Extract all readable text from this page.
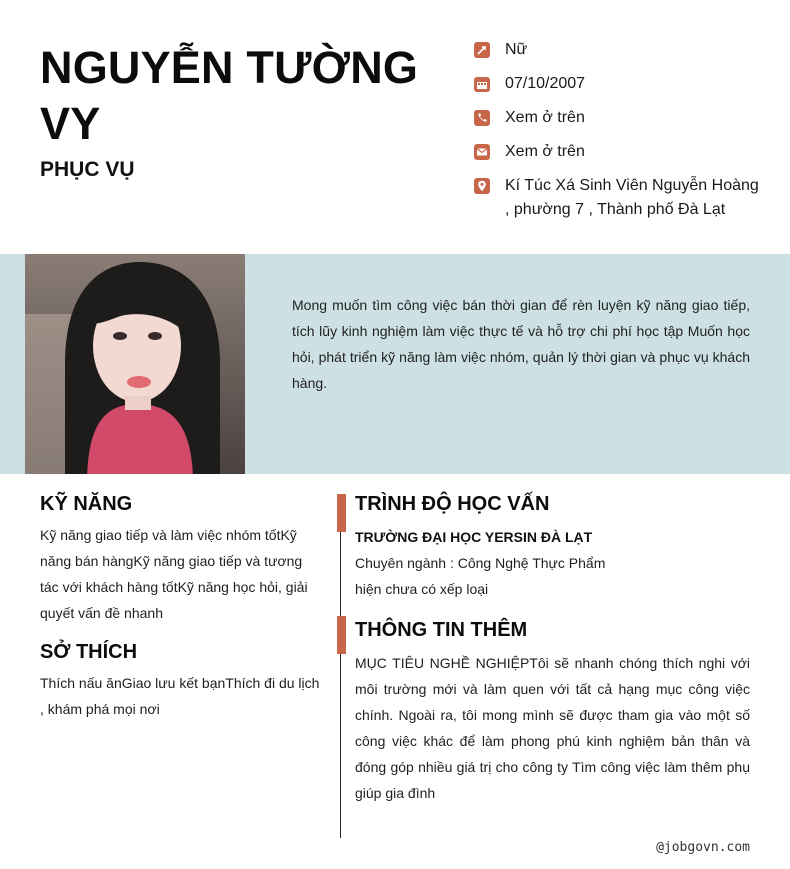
NGUYỄN TƯỜNG VY
PHỤC VỤ
Nữ
07/10/2007
Xem ở trên
Xem ở trên
Kí Túc Xá Sinh Viên Nguyễn Hoàng , phường 7 , Thành phố Đà Lạt
Mong muốn tìm công việc bán thời gian để rèn luyện kỹ năng giao tiếp, tích lũy kinh nghiệm làm việc thực tế và hỗ trợ chi phí học tập Muốn học hỏi, phát triển kỹ năng làm việc nhóm, quản lý thời gian và phục vụ khách hàng.
KỸ NĂNG
Kỹ năng giao tiếp và làm việc nhóm tốtKỹ năng bán hàngKỹ năng giao tiếp và tương tác với khách hàng tốtKỹ năng học hỏi, giải quyết vấn đề nhanh
SỞ THÍCH
Thích nấu ănGiao lưu kết bạnThích đi du lịch , khám phá mọi nơi
TRÌNH ĐỘ HỌC VẤN
TRƯỜNG ĐẠI HỌC YERSIN ĐÀ LẠT
Chuyên ngành : Công Nghệ Thực Phẩm
hiện chưa có xếp loại
THÔNG TIN THÊM
MỤC TIÊU NGHỀ NGHIỆPTôi sẽ nhanh chóng thích nghi với môi trường mới và làm quen với tất cả hạng mục công việc chính. Ngoài ra, tôi mong mình sẽ được tham gia vào một số công việc khác để làm phong phú kinh nghiệm bản thân và đóng góp nhiều giá trị cho công ty Tìm công việc làm thêm phụ giúp gia đình
@jobgovn.com
